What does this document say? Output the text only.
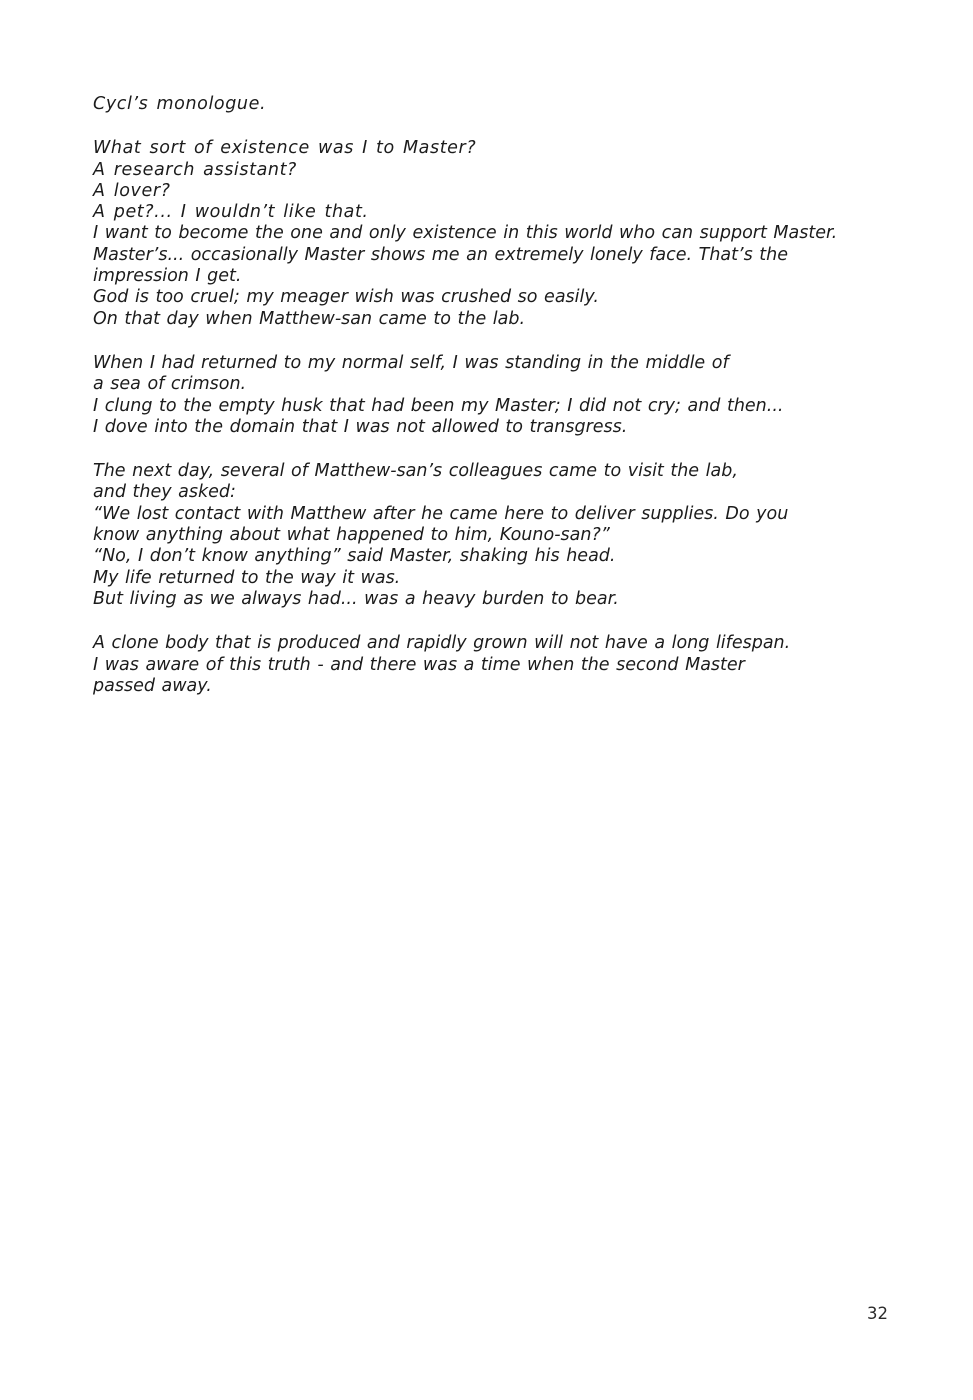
Cycl’s monologue.
What sort of existence was I to Master?
A research assistant?
A lover?
A pet?... I wouldn’t like that.
I want to become the one and only existence in this world who can support Master.
Master’s... occasionally Master shows me an extremely lonely face. That’s the
impression I get.
God is too cruel; my meager wish was crushed so easily.
On that day when Matthew-san came to the lab.
When I had returned to my normal self, I was standing in the middle of
a sea of crimson.
I clung to the empty husk that had been my Master; I did not cry; and then...
I dove into the domain that I was not allowed to transgress.
The next day, several of Matthew-san’s colleagues came to visit the lab,
and they asked:
“We lost contact with Matthew after he came here to deliver supplies. Do you
know anything about what happened to him, Kouno-san?”
“No, I don’t know anything” said Master, shaking his head.
My life returned to the way it was.
But living as we always had... was a heavy burden to bear.
A clone body that is produced and rapidly grown will not have a long lifespan.
I was aware of this truth - and there was a time when the second Master
passed away.
32
